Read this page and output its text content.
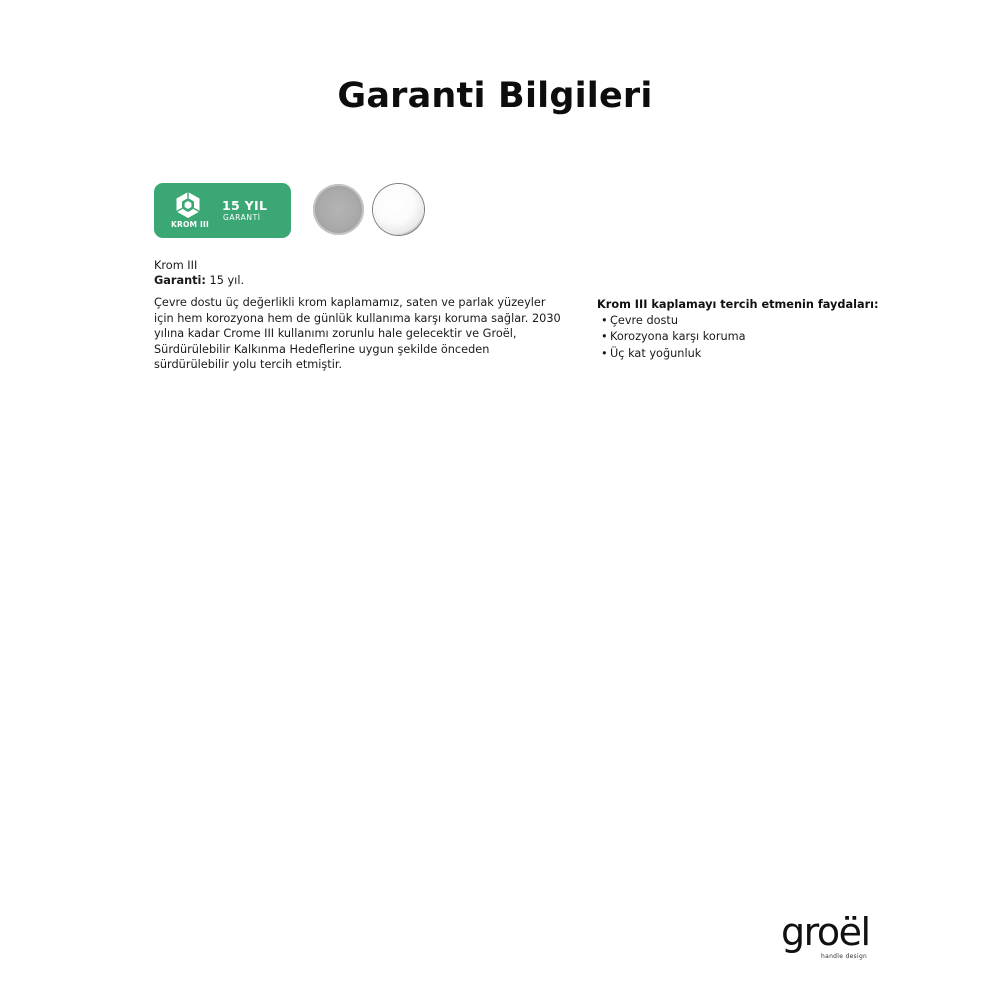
Garanti Bilgileri
KROM III
15 YIL
GARANTİ
Krom III
Garanti: 15 yıl.

Çevre dostu üç değerlikli krom kaplamamız, saten ve parlak yüzeyler için hem korozyona hem de günlük kullanıma karşı koruma sağlar. 2030 yılına kadar Crome III kullanımı zorunlu hale gelecektir ve Groël, Sürdürülebilir Kalkınma Hedeflerine uygun şekilde önceden sürdürülebilir yolu tercih etmiştir.

Krom III kaplamayı tercih etmenin faydaları:

• Çevre dostu
• Korozyona karşı koruma
• Üç kat yoğunluk
groël
handle design
